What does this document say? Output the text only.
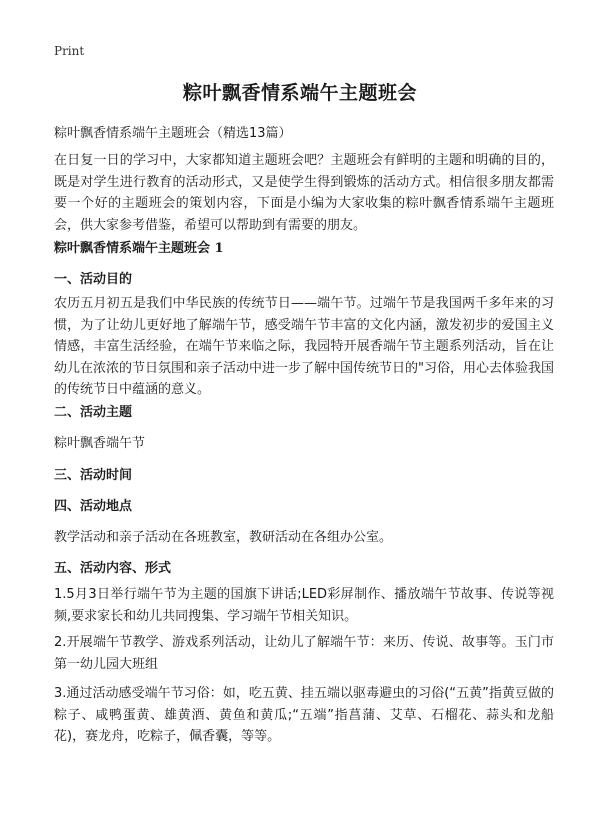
Print
粽叶飘香情系端午主题班会
粽叶飘香情系端午主题班会（精选13篇）

在日复一日的学习中，大家都知道主题班会吧？主题班会有鲜明的主题和明确的目的，既是对学生进行教育的活动形式，又是使学生得到锻炼的活动方式。相信很多朋友都需要一个好的主题班会的策划内容，下面是小编为大家收集的粽叶飘香情系端午主题班会，供大家参考借鉴，希望可以帮助到有需要的朋友。

粽叶飘香情系端午主题班会 1
一、活动目的

农历五月初五是我们中华民族的传统节日——端午节。过端午节是我国两千多年来的习惯，为了让幼儿更好地了解端午节，感受端午节丰富的文化内涵，激发初步的爱国主义情感，丰富生活经验，在端午节来临之际，我园特开展香端午节主题系列活动，旨在让幼儿在浓浓的节日氛围和亲子活动中进一步了解中国传统节日的"习俗，用心去体验我国的传统节日中蕴涵的意义。

二、活动主题
粽叶飘香端午节
三、活动时间
四、活动地点
教学活动和亲子活动在各班教室，教研活动在各组办公室。
五、活动内容、形式

1.5月3日举行端午节为主题的国旗下讲话;LED彩屏制作、播放端午节故事、传说等视频,要求家长和幼儿共同搜集、学习端午节相关知识。

2.开展端午节教学、游戏系列活动，让幼儿了解端午节：来历、传说、故事等。玉门市第一幼儿园大班组

3.通过活动感受端午节习俗：如，吃五黄、挂五端以驱毒避虫的习俗(“五黄”指黄豆做的粽子、咸鸭蛋黄、雄黄酒、黄鱼和黄瓜;“五端”指菖蒲、艾草、石榴花、蒜头和龙船花)，赛龙舟，吃粽子，佩香囊，等等。
